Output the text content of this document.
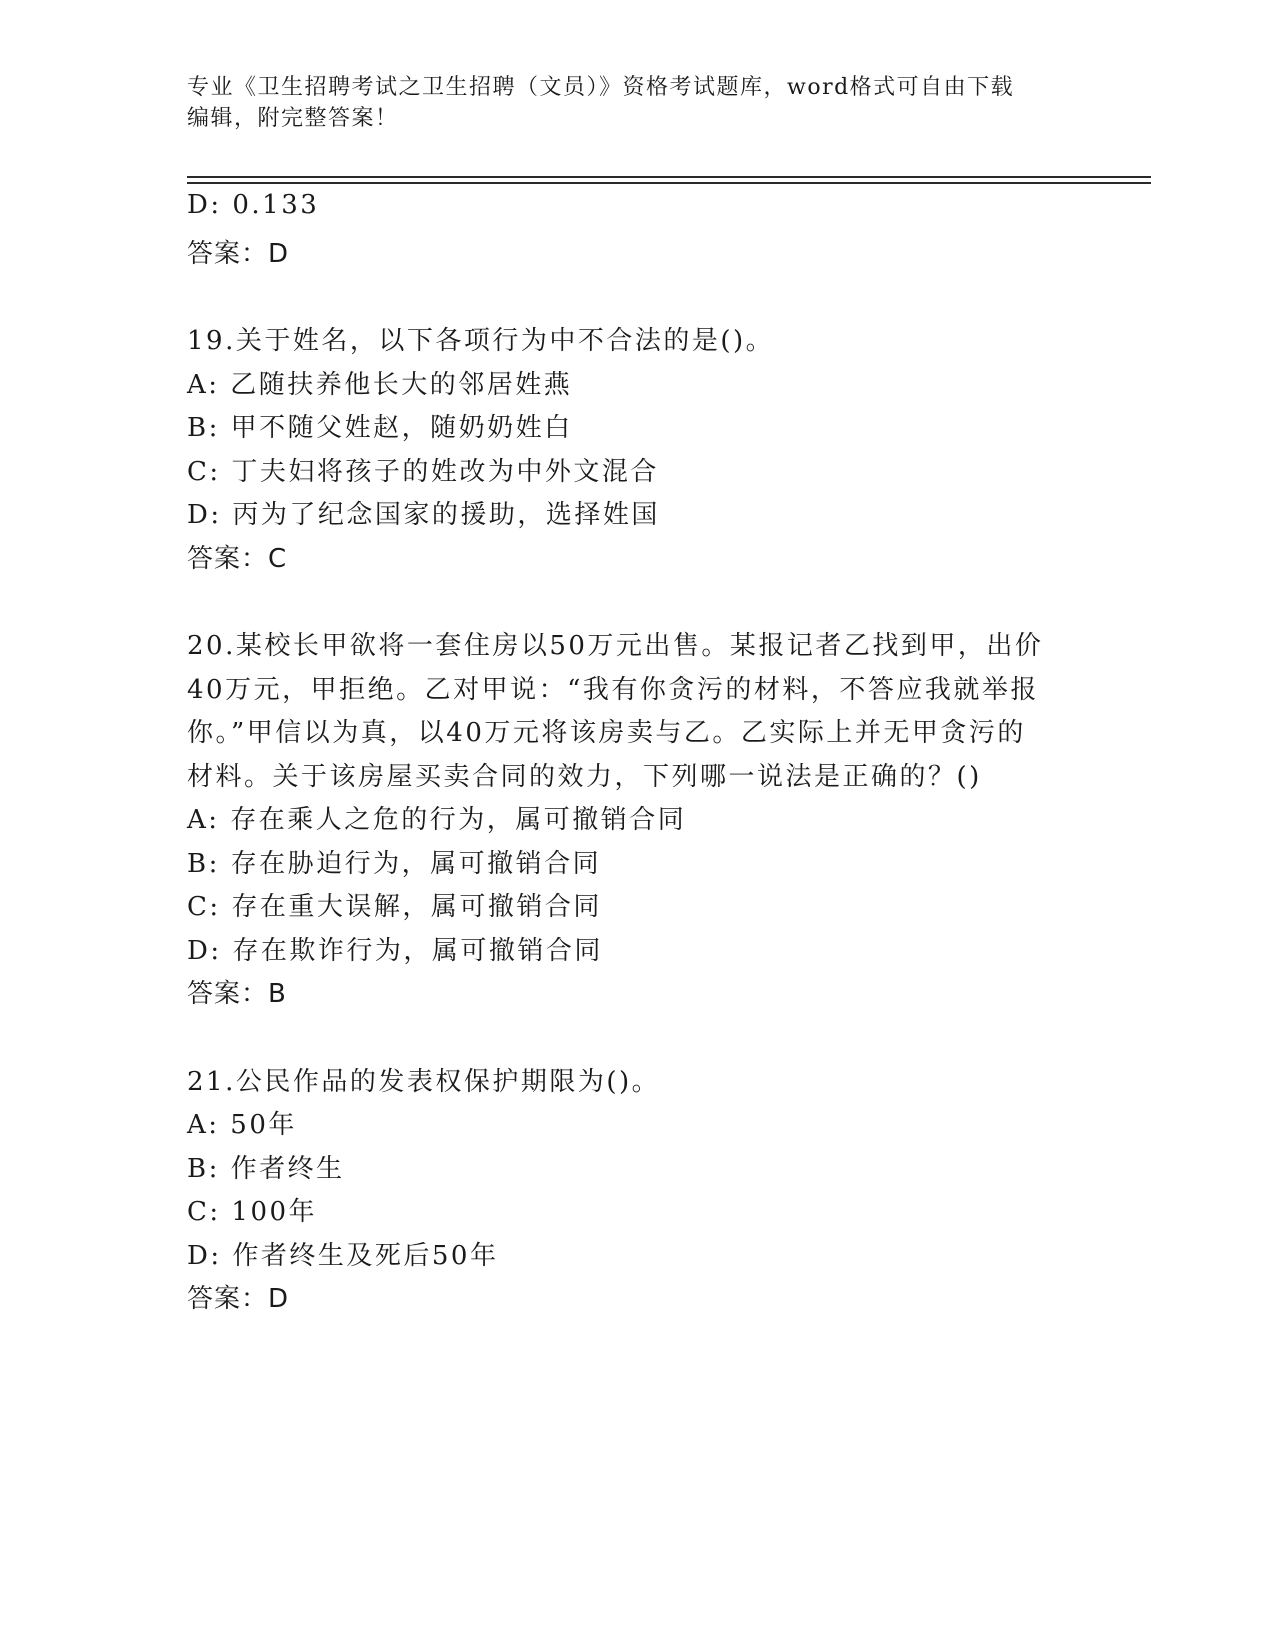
专业《卫生招聘考试之卫生招聘（文员）》资格考试题库，word格式可自由下载
编辑，附完整答案！
D: 0.133
答案：D
19.关于姓名，以下各项行为中不合法的是()。
A: 乙随扶养他长大的邻居姓燕
B: 甲不随父姓赵，随奶奶姓白
C: 丁夫妇将孩子的姓改为中外文混合
D: 丙为了纪念国家的援助，选择姓国
答案：C
20.某校长甲欲将一套住房以50万元出售。某报记者乙找到甲，出价
40万元，甲拒绝。乙对甲说：“我有你贪污的材料，不答应我就举报
你。”甲信以为真，以40万元将该房卖与乙。乙实际上并无甲贪污的
材料。关于该房屋买卖合同的效力，下列哪一说法是正确的？()
A: 存在乘人之危的行为，属可撤销合同
B: 存在胁迫行为，属可撤销合同
C: 存在重大误解，属可撤销合同
D: 存在欺诈行为，属可撤销合同
答案：B
21.公民作品的发表权保护期限为()。
A: 50年
B: 作者终生
C: 100年
D: 作者终生及死后50年
答案：D
